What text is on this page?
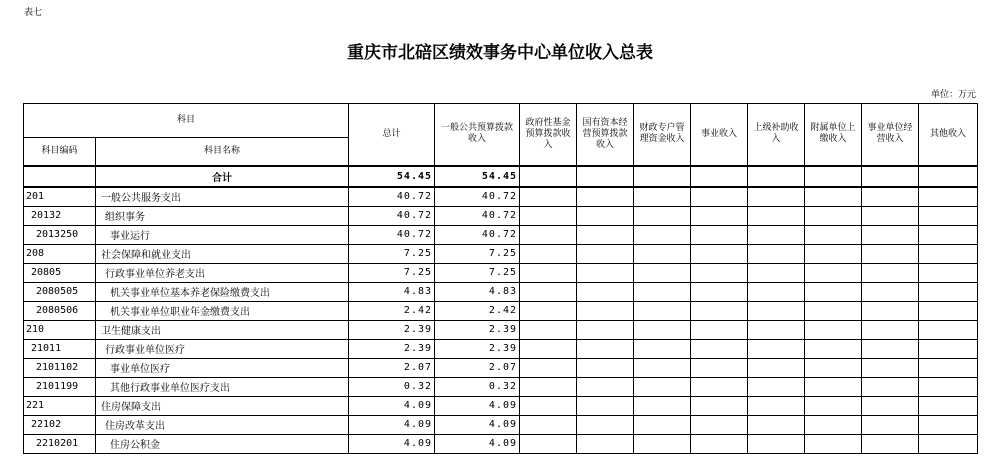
表七
重庆市北碚区绩效事务中心单位收入总表
单位：万元
科目		总计	一般公共预算拨款收入	政府性基金预算拨款收入	国有资本经营预算拨款收入	财政专户管理资金收入	事业收入	上级补助收入	附属单位上缴收入	事业单位经营收入	其他收入
科目编码	科目名称										
	合计	54.45	54.45								
201	一般公共服务支出	40.72	40.72								
20132	组织事务	40.72	40.72								
2013250	事业运行	40.72	40.72								
208	社会保障和就业支出	7.25	7.25								
20805	行政事业单位养老支出	7.25	7.25								
2080505	机关事业单位基本养老保险缴费支出	4.83	4.83								
2080506	机关事业单位职业年金缴费支出	2.42	2.42								
210	卫生健康支出	2.39	2.39								
21011	行政事业单位医疗	2.39	2.39								
2101102	事业单位医疗	2.07	2.07								
2101199	其他行政事业单位医疗支出	0.32	0.32								
221	住房保障支出	4.09	4.09								
22102	住房改革支出	4.09	4.09								
2210201	住房公积金	4.09	4.09								
